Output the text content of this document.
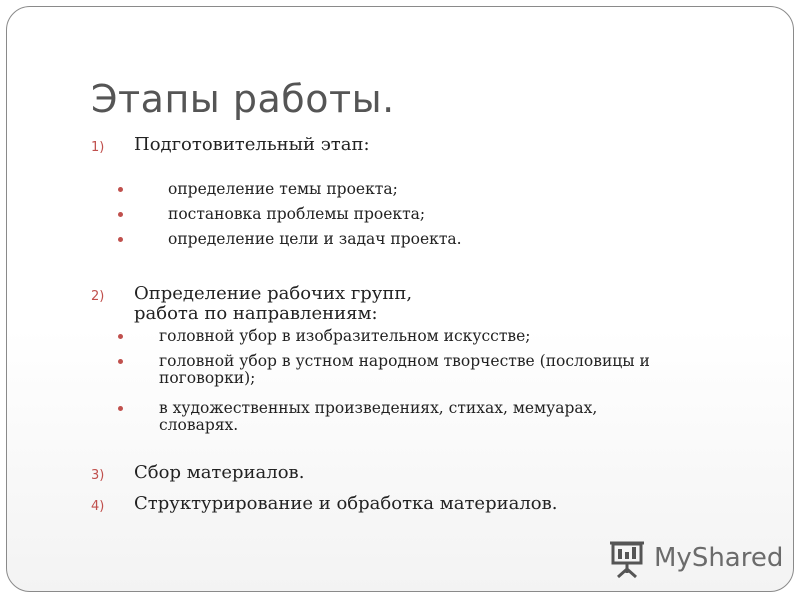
Этапы работы.
1) Подготовительный этап:
определение темы проекта;
постановка проблемы проекта;
определение цели и задач проекта.
2) Определение рабочих групп,
работа по направлениям:
головной убор в изобразительном искусстве;
головной убор в устном народном творчестве (пословицы и
поговорки);
в художественных произведениях, стихах, мемуарах,
словарях.
3) Сбор материалов.
4) Структурирование и обработка материалов.
MyShared
